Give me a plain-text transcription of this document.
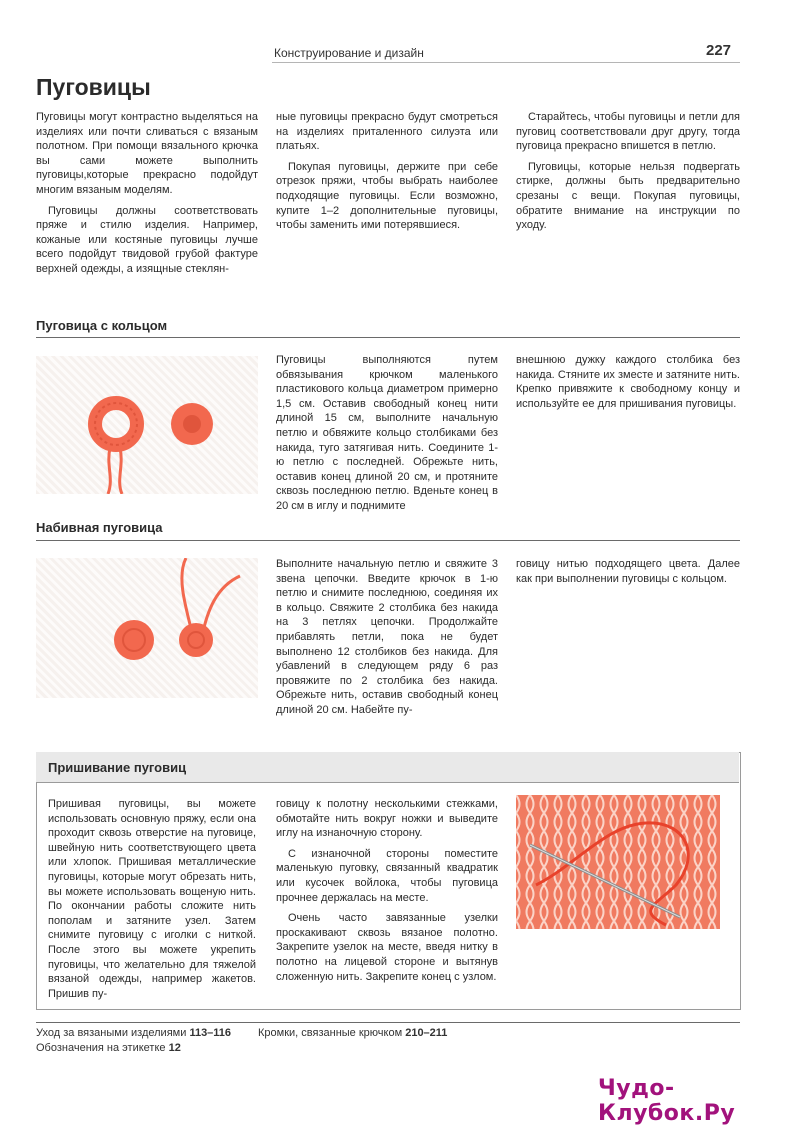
Конструирование и дизайн	227
Пуговицы

Пуговицы могут контрастно выделяться на изделиях или почти сливаться с вязаным полотном. При помощи вязального крючка вы сами можете выполнить пуговицы,которые прекрасно подойдут многим вязаным моделям.

Пуговицы должны соответствовать пряже и стилю изделия. Например, кожаные или костяные пуговицы лучше всего подойдут твидовой грубой фактуре верхней одежды, а изящные стеклян-

ные пуговицы прекрасно будут смотреться на изделиях приталенного силуэта или платьях.

Покупая пуговицы, держите при себе отрезок пряжи, чтобы выбрать наиболее подходящие пуговицы. Если возможно, купите 1–2 дополнительные пуговицы, чтобы заменить ими потерявшиеся.

Старайтесь, чтобы пуговицы и петли для пуговиц соответствовали друг другу, тогда пуговица прекрасно впишется в петлю.

Пуговицы, которые нельзя подвергать стирке, должны быть предварительно срезаны с вещи. Покупая пуговицы, обратите внимание на инструкции по уходу.

Пуговица с кольцом
Пуговицы выполняются путем обвязывания крючком маленького пластикового кольца диаметром примерно 1,5 см. Оставив свободный конец нити длиной 15 см, выполните начальную петлю и обвяжите кольцо столбиками без накида, туго затягивая нить. Соедините 1-ю петлю с последней. Обрежьте нить, оставив конец длиной 20 см, и протяните сквозь последнюю петлю. Вденьте конец в 20 см в иглу и поднимите
внешнюю дужку каждого столбика без накида. Стяните их зместе и затяните нить. Крепко привяжите к свободному концу и используйте ее для пришивания пуговицы.
Набивная пуговица
Выполните начальную петлю и свяжите 3 звена цепочки. Введите крючок в 1-ю петлю и снимите последнюю, соединяя их в кольцо. Свяжите 2 столбика без накида на 3 петлях цепочки. Продолжайте прибавлять петли, пока не будет выполнено 12 столбиков без накида. Для убавлений в следующем ряду 6 раз провяжите по 2 столбика без накида. Обрежьте нить, оставив свободный конец длиной 20 см. Набейте пу-
говицу нитью подходящего цвета. Далее как при выполнении пуговицы с кольцом.
Пришивание пуговиц
Пришивая пуговицы, вы можете использовать основную пряжу, если она проходит сквозь отверстие на пуговице, швейную нить соответствующего цвета или хлопок. Пришивая металлические пуговицы, которые могут обрезать нить, вы можете использовать вощеную нить. По окончании работы сложите нить пополам и затяните узел. Затем снимите пуговицу с иголки с ниткой. После этого вы можете укрепить пуговицы, что желательно для тяжелой вязаной одежды, например жакетов. Пришив пу-

говицу к полотну несколькими стежками, обмотайте нить вокруг ножки и выведите иглу на изнаночную сторону.

С изнаночной стороны поместите маленькую пуговку, связанный квадратик или кусочек войлока, чтобы пуговица прочнее держалась на месте.

Очень часто завязанные узелки проскакивают сквозь вязаное полотно. Закрепите узелок на месте, введя нитку в полотно на лицевой стороне и вытянув сложенную нить. Закрепите конец с узлом.

Уход за вязаными изделиями 113–116
Обозначения на этикетке 12
Кромки, связанные крючком 210–211
Чудо-Клубок.Ру
